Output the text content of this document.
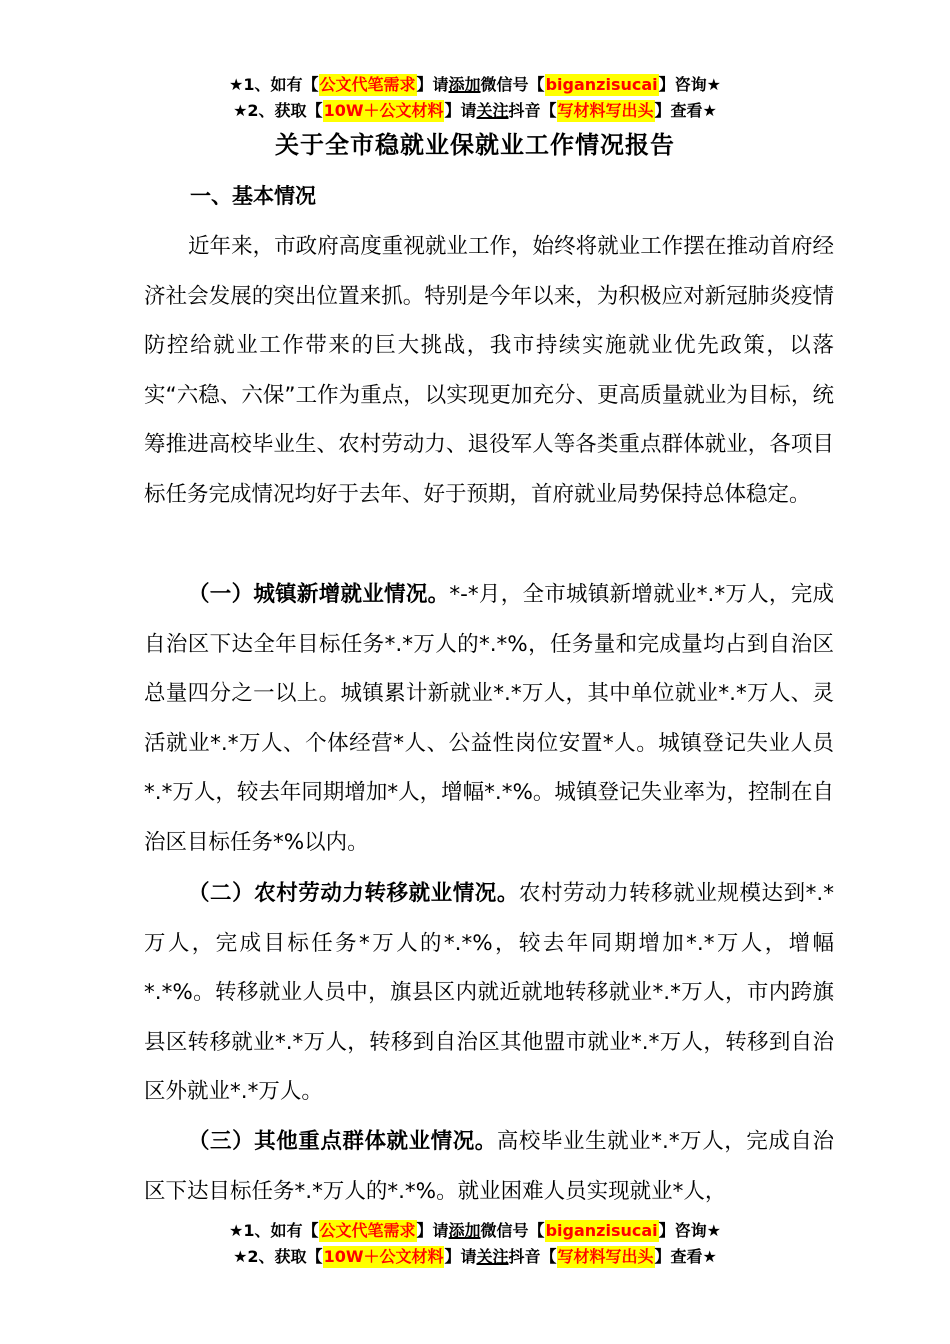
★1、如有【公文代笔需求】请添加微信号【biganzisucai】咨询★
★2、获取【10W＋公文材料】请关注抖音【写材料写出头】查看★
关于全市稳就业保就业工作情况报告
一、基本情况

近年来，市政府高度重视就业工作，始终将就业工作摆在推动首府经济社会发展的突出位置来抓。特别是今年以来，为积极应对新冠肺炎疫情防控给就业工作带来的巨大挑战，我市持续实施就业优先政策，以落实“六稳、六保”工作为重点，以实现更加充分、更高质量就业为目标，统筹推进高校毕业生、农村劳动力、退役军人等各类重点群体就业，各项目标任务完成情况均好于去年、好于预期，首府就业局势保持总体稳定。

（一）城镇新增就业情况。*-*月，全市城镇新增就业*.*万人，完成自治区下达全年目标任务*.*万人的*.*%，任务量和完成量均占到自治区总量四分之一以上。城镇累计新就业*.*万人，其中单位就业*.*万人、灵活就业*.*万人、个体经营*人、公益性岗位安置*人。城镇登记失业人员*.*万人，较去年同期增加*人，增幅*.*%。城镇登记失业率为，控制在自治区目标任务*%以内。

（二）农村劳动力转移就业情况。农村劳动力转移就业规模达到*.*万人，完成目标任务*万人的*.*%，较去年同期增加*.*万人，增幅*.*%。转移就业人员中，旗县区内就近就地转移就业*.*万人，市内跨旗县区转移就业*.*万人，转移到自治区其他盟市就业*.*万人，转移到自治区外就业*.*万人。

（三）其他重点群体就业情况。高校毕业生就业*.*万人，完成自治区下达目标任务*.*万人的*.*%。就业困难人员实现就业*人，

★1、如有【公文代笔需求】请添加微信号【biganzisucai】咨询★
★2、获取【10W＋公文材料】请关注抖音【写材料写出头】查看★
